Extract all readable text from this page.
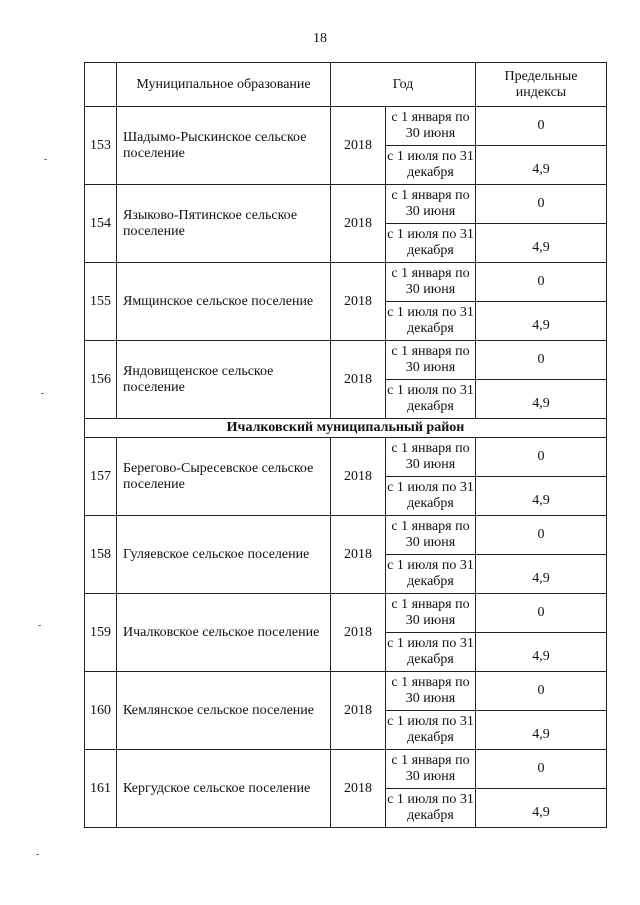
18
	Муниципальное образование	Год		Предельные индексы
153	Шадымо-Рыскинское сельское поселение	2018	с 1 января по 30 июня	0
			с 1 июля по 31 декабря	4,9
154	Языково-Пятинское сельское поселение	2018	с 1 января по 30 июня	0
			с 1 июля по 31 декабря	4,9
155	Ямщинское сельское поселение	2018	с 1 января по 30 июня	0
			с 1 июля по 31 декабря	4,9
156	Яндовищенское сельское поселение	2018	с 1 января по 30 июня	0
			с 1 июля по 31 декабря	4,9
Ичалковский муниципальный район				
157	Берегово-Сыресевское сельское поселение	2018	с 1 января по 30 июня	0
			с 1 июля по 31 декабря	4,9
158	Гуляевское сельское поселение	2018	с 1 января по 30 июня	0
			с 1 июля по 31 декабря	4,9
159	Ичалковское сельское поселение	2018	с 1 января по 30 июня	0
			с 1 июля по 31 декабря	4,9
160	Кемлянское сельское поселение	2018	с 1 января по 30 июня	0
			с 1 июля по 31 декабря	4,9
161	Кергудское сельское поселение	2018	с 1 января по 30 июня	0
			с 1 июля по 31 декабря	4,9
